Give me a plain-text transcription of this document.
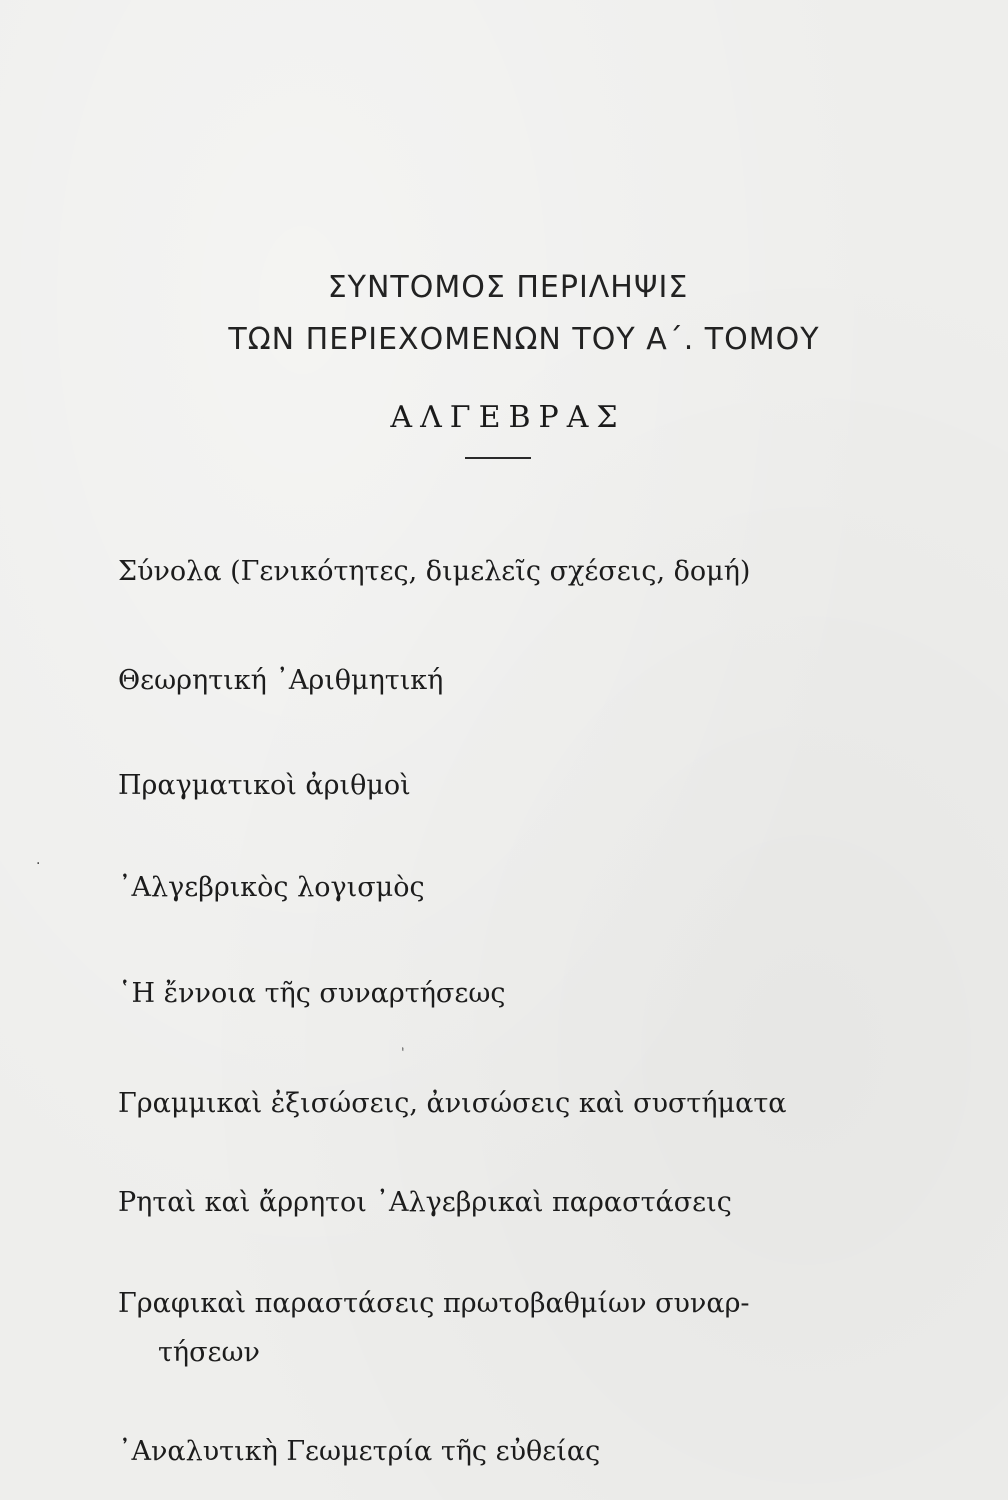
ΣΥΝΤΟΜΟΣ ΠΕΡΙΛΗΨΙΣ
ΤΩΝ ΠΕΡΙΕΧΟΜΕΝΩΝ ΤΟΥ Α΄. ΤΟΜΟΥ
ΑΛΓΕΒΡΑΣ
Σύνολα (Γενικότητες, διμελεῖς σχέσεις, δομή)
Θεωρητική ᾿Αριθμητική
Πραγματικοὶ ἀριθμοὶ
᾿Αλγεβρικὸς λογισμὸς
῾Η ἔννοια τῆς συναρτήσεως
Γραμμικαὶ ἐξισώσεις, ἀνισώσεις καὶ συστήματα
Ρηταὶ καὶ ἄρρητοι ᾿Αλγεβρικαὶ παραστάσεις
Γραφικαὶ παραστάσεις πρωτοβαθμίων συναρ-
τήσεων
᾿Αναλυτικὴ Γεωμετρία τῆς εὐθείας
·
ˋ
